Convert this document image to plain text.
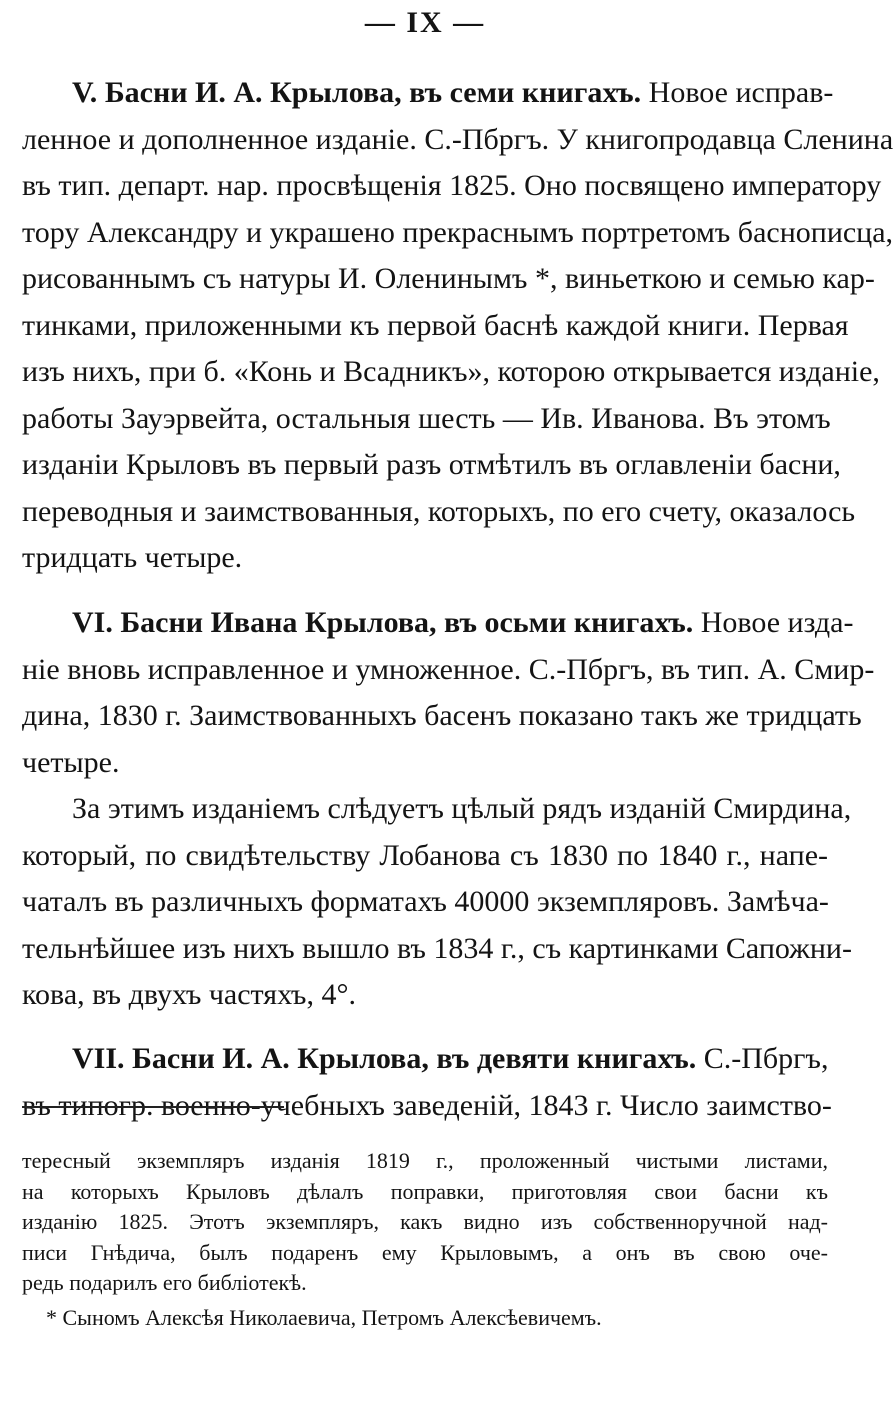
— IX —
V. Басни И. А. Крылова, въ семи книгахъ. Новое исправ-
ленное и дополненное изданіе. С.-Пбргъ. У книгопродавца Сленина
въ тип. департ. нар. просвѣщенія 1825. Оно посвящено императору
тору Александру и украшено прекраснымъ портретомъ баснописца,
рисованнымъ съ натуры И. Оленинымъ *, виньеткою и семью кар-
тинками, приложенными къ первой баснѣ каждой книги. Первая
изъ нихъ, при б. «Конь и Всадникъ», которою открывается изданіе,
работы Зауэрвейта, остальныя шесть — Ив. Иванова. Въ этомъ
изданіи Крыловъ въ первый разъ отмѣтилъ въ оглавленіи басни,
переводныя и заимствованныя, которыхъ, по его счету, оказалось
тридцать четыре.
VI. Басни Ивана Крылова, въ осьми книгахъ. Новое изда-
ніе вновь исправленное и умноженное. С.-Пбргъ, въ тип. А. Смир-
дина, 1830 г. Заимствованныхъ басенъ показано такъ же тридцать
четыре.
За этимъ изданіемъ слѣдуетъ цѣлый рядъ изданій Смирдина,
который, по свидѣтельству Лобанова съ 1830 по 1840 г., напе-
чаталъ въ различныхъ форматахъ 40000 экземпляровъ. Замѣча-
тельнѣйшее изъ нихъ вышло въ 1834 г., съ картинками Сапожни-
кова, въ двухъ частяхъ, 4°.
VII. Басни И. А. Крылова, въ девяти книгахъ. С.-Пбргъ,
въ типогр. военно-учебныхъ заведеній, 1843 г. Число заимство-
тересный экземпляръ изданія 1819 г., проложенный чистыми листами,
на которыхъ Крыловъ дѣлалъ поправки, приготовляя свои басни къ
изданію 1825. Этотъ экземпляръ, какъ видно изъ собственноручной над-
писи Гнѣдича, былъ подаренъ ему Крыловымъ, а онъ въ свою оче-
редь подарилъ его библіотекѣ.
* Сыномъ Алексѣя Николаевича, Петромъ Алексѣевичемъ.
